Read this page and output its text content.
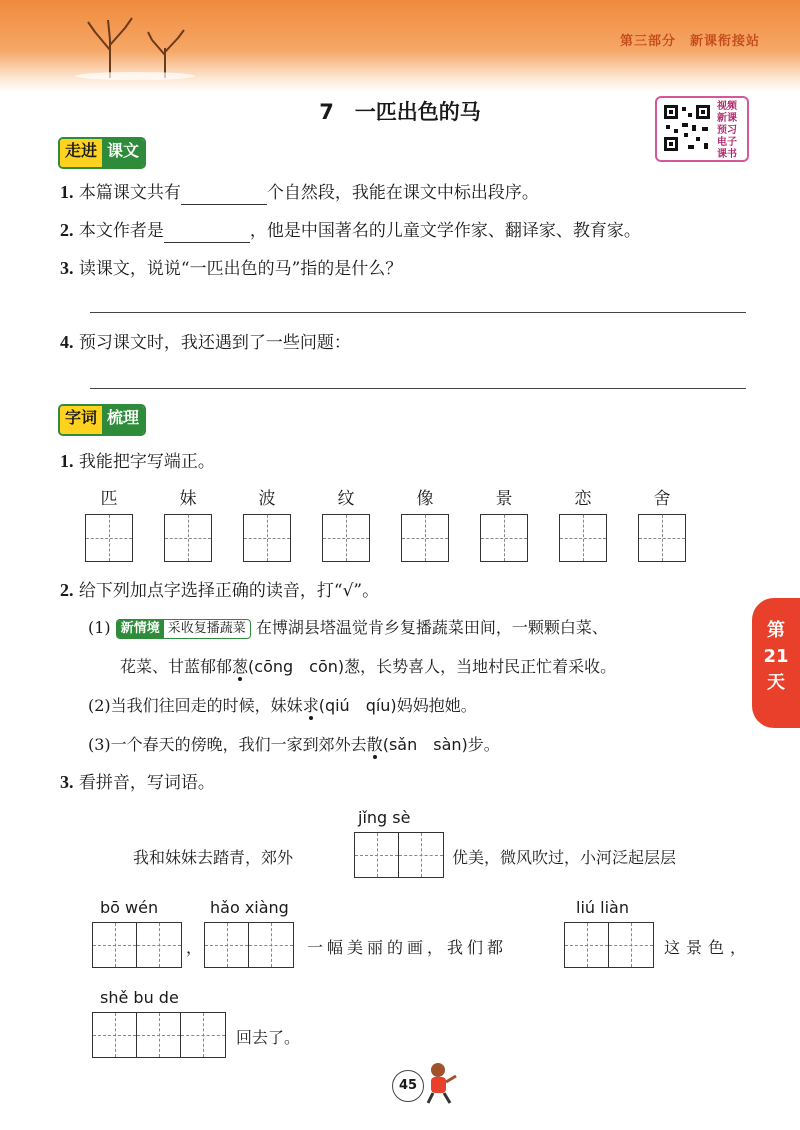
第三部分　新课衔接站
7　一匹出色的马	视频新课预习电子课书
走进 课文
1. 本篇课文共有	个自然段，我能在课文中标出段序。
2. 本文作者是	，他是中国著名的儿童文学作家、翻译家、教育家。
3. 读课文，说说“一匹出色的马”指的是什么？
4. 预习课文时，我还遇到了一些问题：
字词 梳理
1. 我能把字写端正。
匹	妹	波	纹	像	景	恋	舍
2. 给下列加点字选择正确的读音，打“√”。
(1) 新情境 采收复播蔬菜 在博湖县塔温觉肯乡复播蔬菜田间，一颗颗白菜、
花菜、甘蓝郁郁葱(cōng　cōn)葱，长势喜人，当地村民正忙着采收。
(2)当我们往回走的时候，妹妹求(qiú　qíu)妈妈抱她。
(3)一个春天的傍晚，我们一家到郊外去散(sǎn　sàn)步。
3. 看拼音，写词语。
jǐng sè
我和妹妹去踏青，郊外	优美，微风吹过，小河泛起层层
bō wén	hǎo xiàng
，	一幅美丽的画，我们都
liú liàn
这景色，
shě bu de
回去了。
第
21
天
45
